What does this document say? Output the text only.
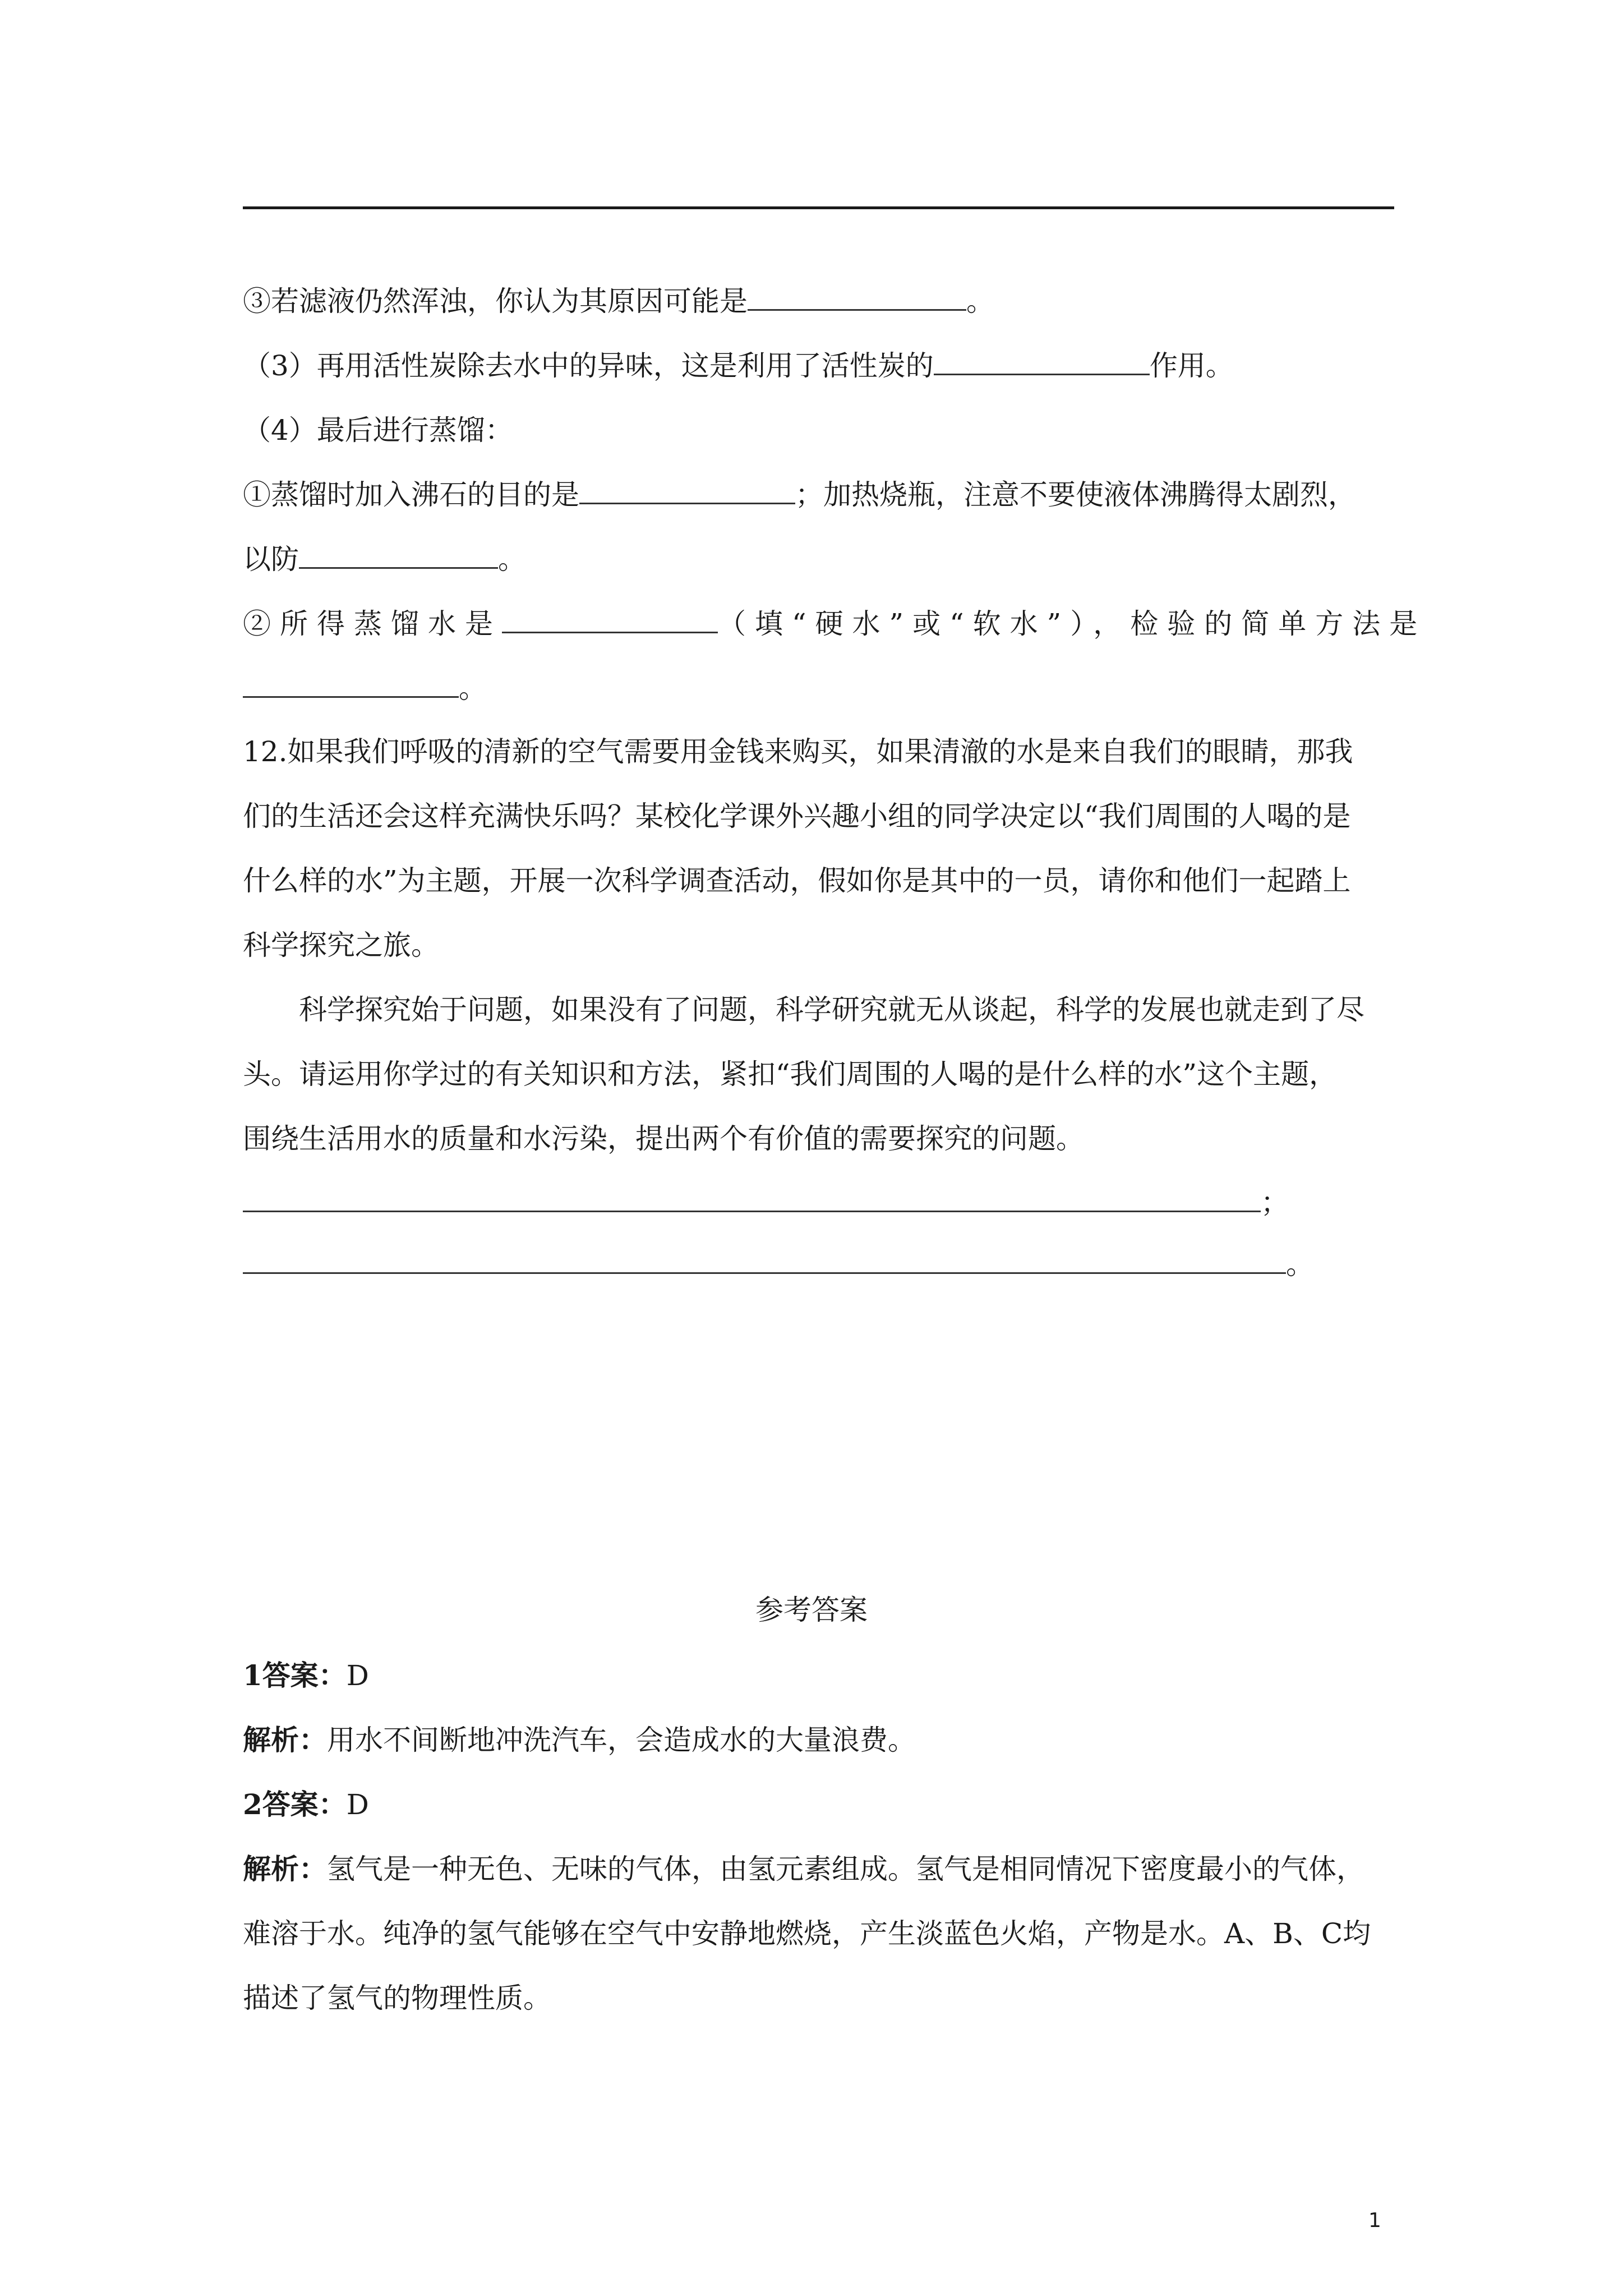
③若滤液仍然浑浊，你认为其原因可能是	。
（3）再用活性炭除去水中的异味，这是利用了活性炭的	作用。
（4）最后进行蒸馏：
①蒸馏时加入沸石的目的是	；加热烧瓶，注意不要使液体沸腾得太剧烈，
以防	。
②所得蒸馏水是	（填“硬水”或“软水”），检验的简单方法是
。
12.如果我们呼吸的清新的空气需要用金钱来购买，如果清澈的水是来自我们的眼睛，那我
们的生活还会这样充满快乐吗？某校化学课外兴趣小组的同学决定以“我们周围的人喝的是
什么样的水”为主题，开展一次科学调查活动，假如你是其中的一员，请你和他们一起踏上
科学探究之旅。
科学探究始于问题，如果没有了问题，科学研究就无从谈起，科学的发展也就走到了尽
头。请运用你学过的有关知识和方法，紧扣“我们周围的人喝的是什么样的水”这个主题，
围绕生活用水的质量和水污染，提出两个有价值的需要探究的问题。
；
。
参考答案
1答案：D
解析：用水不间断地冲洗汽车，会造成水的大量浪费。
2答案：D
解析：氢气是一种无色、无味的气体，由氢元素组成。氢气是相同情况下密度最小的气体，
难溶于水。纯净的氢气能够在空气中安静地燃烧，产生淡蓝色火焰，产物是水。A、B、C均
描述了氢气的物理性质。
1
